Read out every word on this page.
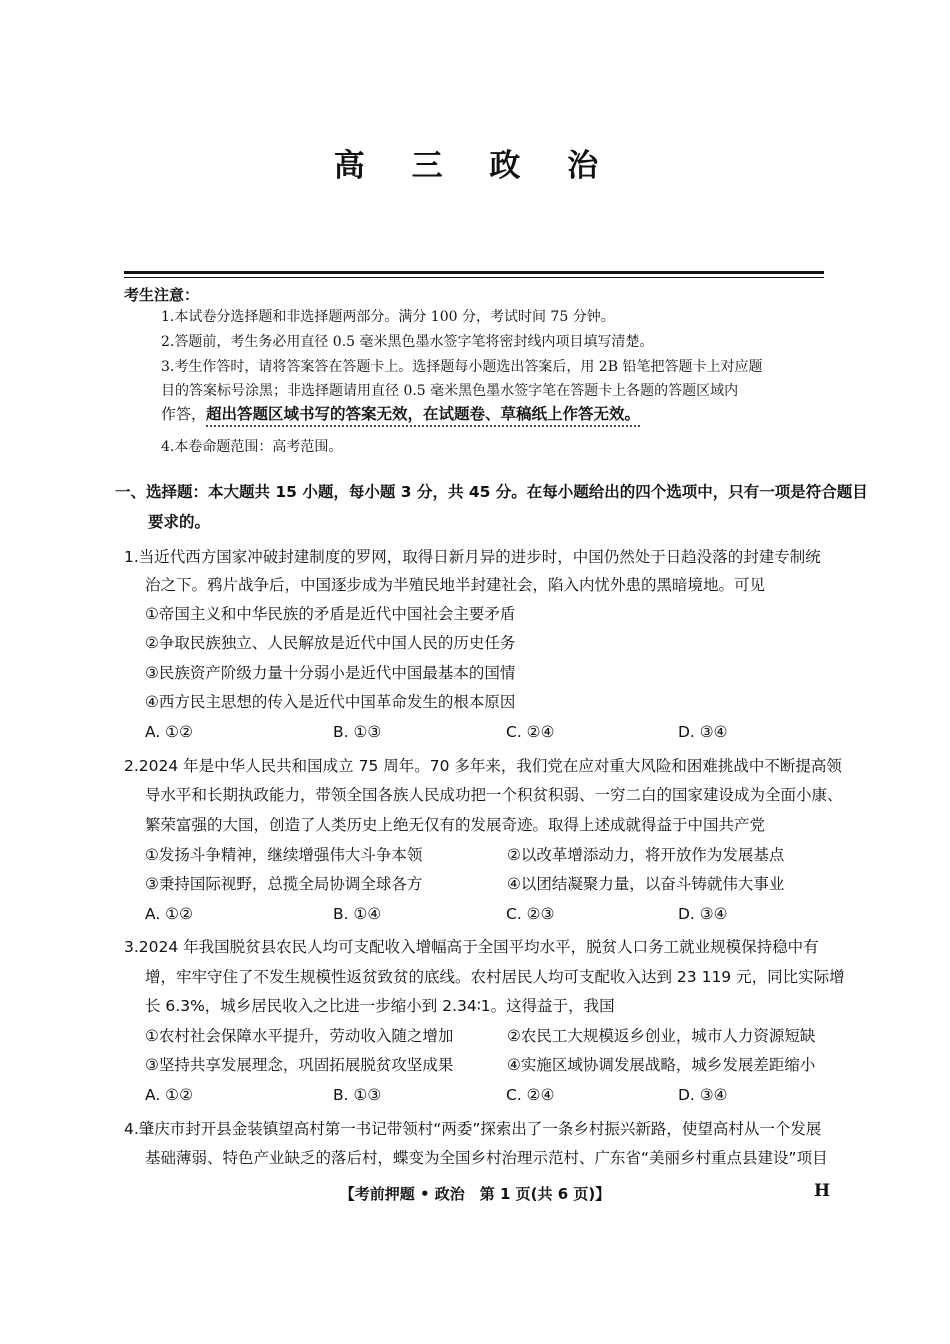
高 三 政 治
考生注意：
1.本试卷分选择题和非选择题两部分。满分 100 分，考试时间 75 分钟。
2.答题前，考生务必用直径 0.5 毫米黑色墨水签字笔将密封线内项目填写清楚。
3.考生作答时，请将答案答在答题卡上。选择题每小题选出答案后，用 2B 铅笔把答题卡上对应题
目的答案标号涂黑；非选择题请用直径 0.5 毫米黑色墨水签字笔在答题卡上各题的答题区域内
作答，超出答题区域书写的答案无效，在试题卷、草稿纸上作答无效。
4.本卷命题范围：高考范围。
一、选择题：本大题共 15 小题，每小题 3 分，共 45 分。在每小题给出的四个选项中，只有一项是符合题目
要求的。
1.当近代西方国家冲破封建制度的罗网，取得日新月异的进步时，中国仍然处于日趋没落的封建专制统
治之下。鸦片战争后，中国逐步成为半殖民地半封建社会，陷入内忧外患的黑暗境地。可见
①帝国主义和中华民族的矛盾是近代中国社会主要矛盾
②争取民族独立、人民解放是近代中国人民的历史任务
③民族资产阶级力量十分弱小是近代中国最基本的国情
④西方民主思想的传入是近代中国革命发生的根本原因
A. ①②	B. ①③	C. ②④	D. ③④
2.2024 年是中华人民共和国成立 75 周年。70 多年来，我们党在应对重大风险和困难挑战中不断提高领
导水平和长期执政能力，带领全国各族人民成功把一个积贫积弱、一穷二白的国家建设成为全面小康、
繁荣富强的大国，创造了人类历史上绝无仅有的发展奇迹。取得上述成就得益于中国共产党
①发扬斗争精神，继续增强伟大斗争本领	②以改革增添动力，将开放作为发展基点
③秉持国际视野，总揽全局协调全球各方	④以团结凝聚力量，以奋斗铸就伟大事业
A. ①②	B. ①④	C. ②③	D. ③④
3.2024 年我国脱贫县农民人均可支配收入增幅高于全国平均水平，脱贫人口务工就业规模保持稳中有
增，牢牢守住了不发生规模性返贫致贫的底线。农村居民人均可支配收入达到 23 119 元，同比实际增
长 6.3%，城乡居民收入之比进一步缩小到 2.34∶1。这得益于，我国
①农村社会保障水平提升，劳动收入随之增加	②农民工大规模返乡创业，城市人力资源短缺
③坚持共享发展理念，巩固拓展脱贫攻坚成果	④实施区域协调发展战略，城乡发展差距缩小
A. ①②	B. ①③	C. ②④	D. ③④
4.肇庆市封开县金装镇望高村第一书记带领村“两委”探索出了一条乡村振兴新路，使望高村从一个发展
基础薄弱、特色产业缺乏的落后村，蝶变为全国乡村治理示范村、广东省“美丽乡村重点县建设”项目
【考前押题 • 政治　第 1 页(共 6 页)】	H
